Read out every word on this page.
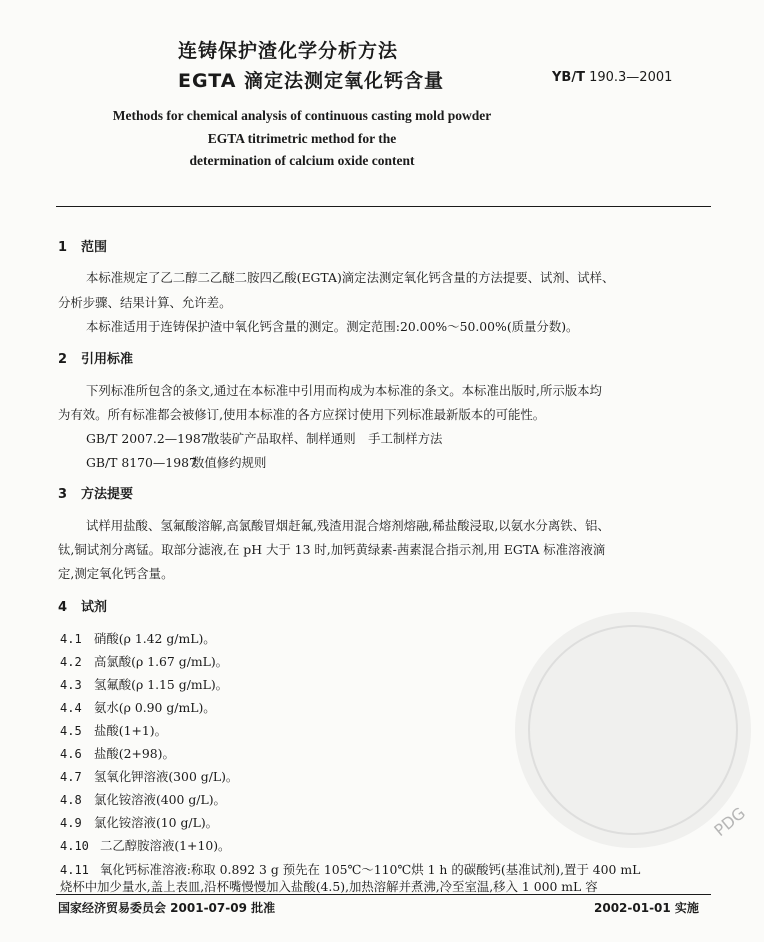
连铸保护渣化学分析方法
EGTA 滴定法测定氧化钙含量	YB/T 190.3—2001
Methods for chemical analysis of continuous casting mold powder
EGTA titrimetric method for the
determination of calcium oxide content
1 范围
本标准规定了乙二醇二乙醚二胺四乙酸(EGTA)滴定法测定氧化钙含量的方法提要、试剂、试样、
分析步骤、结果计算、允许差。
本标准适用于连铸保护渣中氧化钙含量的测定。测定范围:20.00%～50.00%(质量分数)。
2 引用标准
下列标准所包含的条文,通过在本标准中引用而构成为本标准的条文。本标准出版时,所示版本均
为有效。所有标准都会被修订,使用本标准的各方应探讨使用下列标准最新版本的可能性。
GB/T 2007.2—1987散装矿产品取样、制样通则　手工制样方法
GB/T 8170—1987数值修约规则
3 方法提要
试样用盐酸、氢氟酸溶解,高氯酸冒烟赶氟,残渣用混合熔剂熔融,稀盐酸浸取,以氨水分离铁、铝、
钛,铜试剂分离锰。取部分滤液,在 pH 大于 13 时,加钙黄绿素-茜素混合指示剂,用 EGTA 标准溶液滴
定,测定氧化钙含量。
4 试剂
4.1 硝酸(ρ 1.42 g/mL)。
4.2 高氯酸(ρ 1.67 g/mL)。
4.3 氢氟酸(ρ 1.15 g/mL)。
4.4 氨水(ρ 0.90 g/mL)。
4.5 盐酸(1+1)。
4.6 盐酸(2+98)。
4.7 氢氧化钾溶液(300 g/L)。
4.8 氯化铵溶液(400 g/L)。
4.9 氯化铵溶液(10 g/L)。
4.10 二乙醇胺溶液(1+10)。
4.11 氧化钙标准溶液:称取 0.892 3 g 预先在 105℃～110℃烘 1 h 的碳酸钙(基准试剂),置于 400 mL
烧杯中加少量水,盖上表皿,沿杯嘴慢慢加入盐酸(4.5),加热溶解并煮沸,冷至室温,移入 1 000 mL 容
PDG
国家经济贸易委员会 2001-07-09 批准	2002-01-01 实施
